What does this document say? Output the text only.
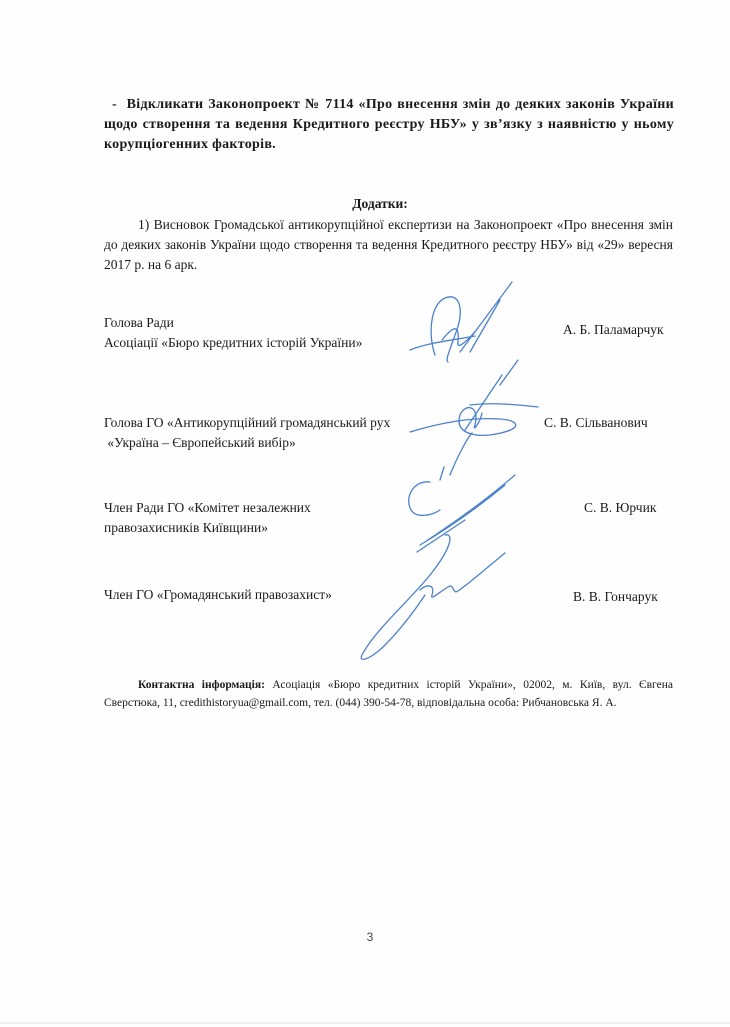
- Відкликати Законопроект № 7114 «Про внесення змін до деяких законів України щодо створення та ведення Кредитного реєстру НБУ» у зв’язку з наявністю у ньому корупціогенних факторів.
Додатки:
1) Висновок Громадської антикорупційної експертизи на Законопроект «Про внесення змін до деяких законів України щодо створення та ведення Кредитного реєстру НБУ» від «29» вересня 2017 р. на 6 арк.
Голова Ради
Асоціації «Бюро кредитних історій України»
А. Б. Паламарчук
Голова ГО «Антикорупційний громадянський рух
«Україна – Європейський вибір»
С. В. Сільванович
Член Ради ГО «Комітет незалежних
правозахисників Київщини»
С. В. Юрчик
Член ГО «Громадянський правозахист»	В. В. Гончарук
Контактна інформація: Асоціація «Бюро кредитних історій України», 02002, м. Київ, вул. Євгена Сверстюка, 11, credithistoryua@gmail.com, тел. (044) 390-54-78, відповідальна особа: Рибчановська Я. А.
3
